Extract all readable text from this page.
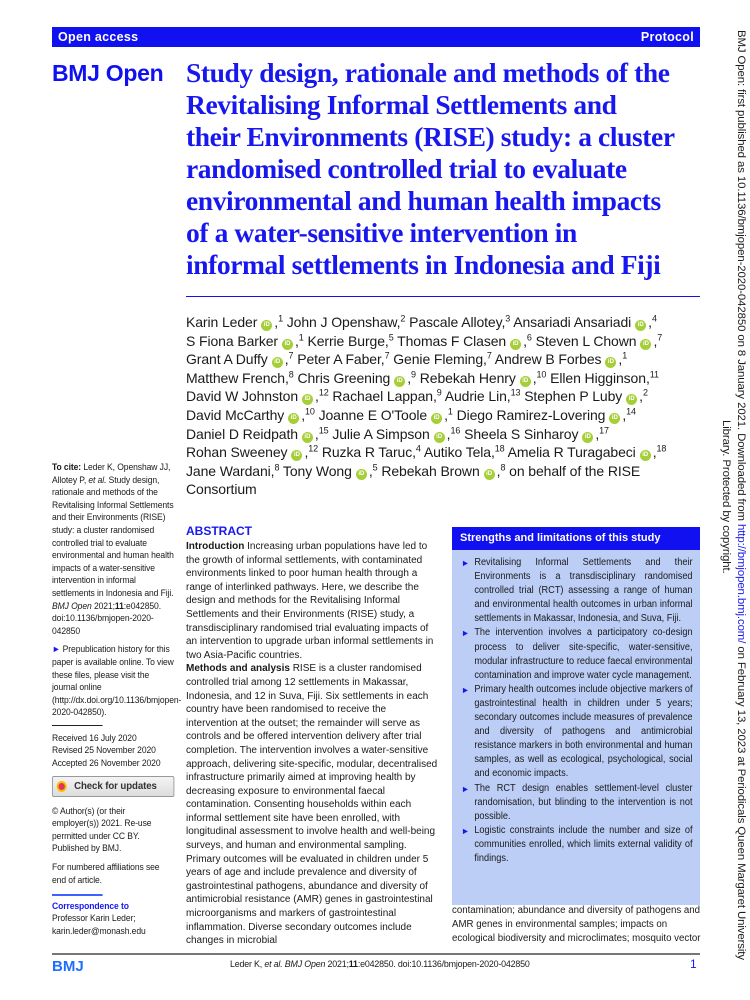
Open access	Protocol
BMJ Open Study design, rationale and methods of the
Revitalising Informal Settlements and
their Environments (RISE) study: a cluster
randomised controlled trial to evaluate
environmental and human health impacts
of a water-sensitive intervention in
informal settlements in Indonesia and Fiji
Karin Leder iD ,$^1$ John J Openshaw,$^2$ Pascale Allotey,$^3$ Ansariadi Ansariadi iD ,$^4$
S Fiona Barker iD ,$^1$ Kerrie Burge,$^5$ Thomas F Clasen iD ,$^6$ Steven L Chown iD ,$^7$
Grant A Duffy iD ,$^7$ Peter A Faber,$^7$ Genie Fleming,$^7$ Andrew B Forbes iD ,$^1$
Matthew French,$^8$ Chris Greening iD ,$^9$ Rebekah Henry iD ,$^{10}$ Ellen Higginson,$^{11}$
David W Johnston iD ,$^{12}$ Rachael Lappan,$^9$ Audrie Lin,$^{13}$ Stephen P Luby iD ,$^2$
David McCarthy iD ,$^{10}$ Joanne E O'Toole iD ,$^1$ Diego Ramirez-Lovering iD ,$^{14}$
Daniel D Reidpath iD ,$^{15}$ Julie A Simpson iD ,$^{16}$ Sheela S Sinharoy iD ,$^{17}$
Rohan Sweeney iD ,$^{12}$ Ruzka R Taruc,$^4$ Autiko Tela,$^{18}$ Amelia R Turagabeci iD ,$^{18}$
Jane Wardani,$^8$ Tony Wong iD ,$^5$ Rebekah Brown iD ,$^8$ on behalf of the RISE
Consortium

To cite: Leder K, Openshaw JJ, Allotey P, et al. Study design, rationale and methods of the Revitalising Informal Settlements and their Environments (RISE) study: a cluster randomised controlled trial to evaluate environmental and human health impacts of a water-sensitive intervention in informal settlements in Indonesia and Fiji. BMJ Open 2021;11:e042850. doi:10.1136/bmjopen-2020-042850

► Prepublication history for this paper is available online. To view these files, please visit the journal online (http://dx.doi.org/10.1136/bmjopen-2020-042850).

Received 16 July 2020
Revised 25 November 2020
Accepted 26 November 2020
Check for updates

© Author(s) (or their employer(s)) 2021. Re-use permitted under CC BY. Published by BMJ.

For numbered affiliations see end of article.

Correspondence to
Professor Karin Leder;
karin.leder@monash.edu
ABSTRACT

Introduction Increasing urban populations have led to the growth of informal settlements, with contaminated environments linked to poor human health through a range of interlinked pathways. Here, we describe the design and methods for the Revitalising Informal Settlements and their Environments (RISE) study, a transdisciplinary randomised trial evaluating impacts of an intervention to upgrade urban informal settlements in two Asia-Pacific countries.

Methods and analysis RISE is a cluster randomised controlled trial among 12 settlements in Makassar, Indonesia, and 12 in Suva, Fiji. Six settlements in each country have been randomised to receive the intervention at the outset; the remainder will serve as controls and be offered intervention delivery after trial completion. The intervention involves a water-sensitive approach, delivering site-specific, modular, decentralised infrastructure primarily aimed at improving health by decreasing exposure to environmental faecal contamination. Consenting households within each informal settlement site have been enrolled, with longitudinal assessment to involve health and well-being surveys, and human and environmental sampling. Primary outcomes will be evaluated in children under 5 years of age and include prevalence and diversity of gastrointestinal pathogens, abundance and diversity of antimicrobial resistance (AMR) genes in gastrointestinal microorganisms and markers of gastrointestinal inflammation. Diverse secondary outcomes include changes in microbial

Strengths and limitations of this study
► Revitalising Informal Settlements and their Environments is a transdisciplinary randomised controlled trial (RCT) assessing a range of human and environmental health outcomes in urban informal settlements in Makassar, Indonesia, and Suva, Fiji.
► The intervention involves a participatory co-design process to deliver site-specific, water-sensitive, modular infrastructure to reduce faecal environmental contamination and improve water cycle management.
► Primary health outcomes include objective markers of gastrointestinal health in children under 5 years; secondary outcomes include measures of prevalence and diversity of pathogens and antimicrobial resistance markers in both environmental and human samples, as well as ecological, psychological, social and economic impacts.
► The RCT design enables settlement-level cluster randomisation, but blinding to the intervention is not possible.
► Logistic constraints include the number and size of communities enrolled, which limits external validity of findings.
contamination; abundance and diversity of pathogens and AMR genes in environmental samples; impacts on ecological biodiversity and microclimates; mosquito vector
BMJ	Leder K, et al. BMJ Open 2021;11:e042850. doi:10.1136/bmjopen-2020-042850	1
BMJ Open: first published as 10.1136/bmjopen-2020-042850 on 8 January 2021. Downloaded from http://bmjopen.bmj.com/ on February 13, 2023 at Periodicals Queen Margaret University
Library. Protected by copyright.
